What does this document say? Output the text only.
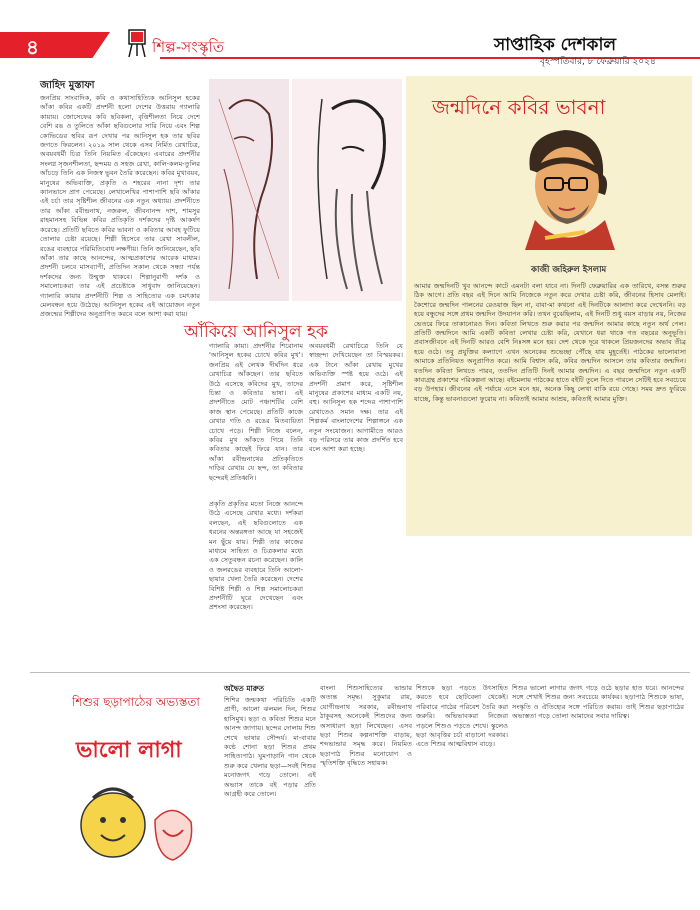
৪	শিল্প-সংস্কৃতি	সাপ্তাহিক দেশকাল
বৃহস্পতিবার, ৮ ফেব্রুয়ারি ২০২৪
জাহিদ মুস্তাফা
জনপ্রিয় সাংবাদিক, কবি ও কথাসাহিত্যিক আনিসুল হকের আঁকা কবির একটি প্রদর্শনী হলো দেশের উত্তরায় গ্যালারি কায়ায়। জোসেফের কবি ছবিকলা, বৃত্তিশীলতা নিয়ে দেশে বেশি রঙ ও তুলিতে আঁকা ছবিগুলোর সারি নিয়ে এবং শিল্প কোভিডের স্থবির রূপ দেখার পর আনিসুল হক তার ছবির জগতে ফিরলেন। ২০১৯ সাল থেকে এসব নির্মিত রেখাচিত্র, অবয়বধর্মী চিত্র তিনি নিয়মিত এঁকেছেন। এবারের প্রদর্শনীর সংলগ্ন সৃজনশীলতা, ছন্দময় ও সহজ রেখা, কালি-কলম-তুলির আঁচড়ে তিনি এক নিজস্ব ভুবন তৈরি করেছেন। কবির মুখাবয়ব, মানুষের অভিব্যক্তি, প্রকৃতি ও শহরের নানা দৃশ্য তার ক্যানভাসে প্রাণ পেয়েছে। লেখালেখির পাশাপাশি ছবি আঁকার এই চর্চা তার সৃষ্টিশীল জীবনের এক নতুন অধ্যায়। প্রদর্শনীতে তার আঁকা রবীন্দ্রনাথ, নজরুল, জীবনানন্দ দাশ, শামসুর রাহমানসহ বিভিন্ন কবির প্রতিকৃতি দর্শকদের দৃষ্টি আকর্ষণ করেছে। প্রতিটি ছবিতে কবির ভাবনা ও কবিতার আবহ ফুটিয়ে তোলার চেষ্টা রয়েছে। শিল্পী হিসেবে তার রেখা সাবলীল, রঙের ব্যবহারে পরিমিতিবোধ লক্ষণীয়। তিনি জানিয়েছেন, ছবি আঁকা তার কাছে আনন্দের, আত্মপ্রকাশের আরেক মাধ্যম। প্রদর্শনী চলবে মাসব্যাপী, প্রতিদিন সকাল থেকে সন্ধ্যা পর্যন্ত দর্শকদের জন্য উন্মুক্ত থাকবে। শিল্পানুরাগী দর্শক ও সমালোচকরা তার এই প্রচেষ্টাকে সাধুবাদ জানিয়েছেন। গ্যালারি কায়ার প্রদর্শনীটি শিল্প ও সাহিত্যের এক চমৎকার মেলবন্ধন হয়ে উঠেছে। আনিসুল হকের এই আয়োজন নতুন প্রজন্মের শিল্পীদের অনুপ্রাণিত করবে বলে আশা করা যায়।
আঁকিয়ে আনিসুল হক
গ্যালারি কায়া। প্রদর্শনীর শিরোনাম 'আনিসুল হকের চোখে কবির মুখ'। জনপ্রিয় এই লেখক দীর্ঘদিন ধরে রেখাচিত্র আঁকছেন। তার ছবিতে উঠে এসেছে কবিদের মুখ, তাদের চিন্তা ও কবিতার ভাষা। এই প্রদর্শনীতে মোট পঞ্চাশটির বেশি কাজ স্থান পেয়েছে। প্রতিটি কাজে রেখার গতি ও রঙের মিতব্যয়িতা চোখে পড়ে। শিল্পী নিজে বলেন, কবির মুখ আঁকতে গিয়ে তিনি কবিতার কাছেই ফিরে যান। তার আঁকা রবীন্দ্রনাথের প্রতিকৃতিতে দাড়ির রেখায় যে ছন্দ, তা কবিতার ছন্দেরই প্রতিধ্বনি।
প্রকৃতি প্রকৃতির মতো নিজে আনন্দে উঠে এসেছে রেখার মধ্যে। দর্শকরা বলছেন, এই ছবিগুলোতে এক ধরনের অন্তরঙ্গতা আছে যা সহজেই মন ছুঁয়ে যায়। শিল্পী তার কাজের মাধ্যমে সাহিত্য ও চিত্রকলার মধ্যে এক সেতুবন্ধন রচনা করেছেন। কালি ও জলরঙের ব্যবহারে তিনি আলো-ছায়ার খেলা তৈরি করেছেন। দেশের বিশিষ্ট শিল্পী ও শিল্প সমালোচকরা প্রদর্শনীটি ঘুরে দেখেছেন এবং প্রশংসা করেছেন।
অবয়বধর্মী রেখাচিত্রে তিনি যে স্বাচ্ছন্দ্য দেখিয়েছেন তা বিস্ময়কর। এক টানে আঁকা রেখায় মুখের অভিব্যক্তি স্পষ্ট হয়ে ওঠে। এই প্রদর্শনী প্রমাণ করে, সৃষ্টিশীল মানুষের প্রকাশের মাধ্যম একটি নয়, বহু। আনিসুল হক শব্দের পাশাপাশি রেখাতেও সমান দক্ষ। তার এই শিল্পকর্ম বাংলাদেশের শিল্পাঙ্গনে এক নতুন সংযোজন। আগামীতে আরও বড় পরিসরে তার কাজ প্রদর্শিত হবে বলে আশা করা হচ্ছে।
জন্মদিনে কবির ভাবনা
কাজী জহিরুল ইসলাম
আমার জন্মদিনটি খুব আনন্দে কাটে এমনটা বলা যাবে না। দিনটি ফেব্রুয়ারির এক তারিখে, বসন্ত শুরুর ঠিক আগে। প্রতি বছর এই দিনে আমি নিজেকে নতুন করে দেখার চেষ্টা করি, জীবনের হিসাব মেলাই। কৈশোরে জন্মদিন পালনের রেওয়াজ ছিল না, বাবা-মা কখনো এই দিনটিকে আলাদা করে দেখেননি। বড় হয়ে বন্ধুদের সঙ্গে প্রথম জন্মদিন উদযাপন করি। তখন বুঝেছিলাম, এই দিনটি শুধু বয়স বাড়ার নয়, নিজের ভেতরে ফিরে তাকানোরও দিন। কবিতা লিখতে শুরু করার পর জন্মদিন আমার কাছে নতুন অর্থ পেল। প্রতিটি জন্মদিনে আমি একটি কবিতা লেখার চেষ্টা করি, যেখানে ধরা থাকে গত বছরের অনুভূতি। প্রবাসজীবনে এই দিনটি আরও বেশি নিঃসঙ্গ মনে হয়। দেশ থেকে দূরে থাকলে প্রিয়জনদের অভাব তীব্র হয়ে ওঠে। তবু প্রযুক্তির কল্যাণে এখন অনেকের শুভেচ্ছা পৌঁছে যায় মুহূর্তেই। পাঠকের ভালোবাসা আমাকে প্রতিনিয়ত অনুপ্রাণিত করে। আমি বিশ্বাস করি, কবির জন্মদিন আসলে তার কবিতার জন্মদিন। যতদিন কবিতা লিখতে পারব, ততদিন প্রতিটি দিনই আমার জন্মদিন। এ বছর জন্মদিনে নতুন একটি কাব্যগ্রন্থ প্রকাশের পরিকল্পনা আছে। বইমেলায় পাঠকের হাতে বইটি তুলে দিতে পারলে সেটিই হবে সবচেয়ে বড় উপহার। জীবনের এই পর্যায়ে এসে মনে হয়, অনেক কিছু লেখা বাকি রয়ে গেছে। সময় দ্রুত ফুরিয়ে যাচ্ছে, কিন্তু ভাবনাগুলো ফুরোয় না। কবিতাই আমার আশ্রয়, কবিতাই আমার মুক্তি।
শিশুর ছড়াপাঠের অভ্যস্ততা
ভালো লাগা
অদ্বৈত মারুত
শিশির জন্মকথা পরিচিতি একটি প্রাণী, আলো ঝলমল দিন, শিশুর হাসিমুখ। ছড়া ও কবিতা শিশুর মনে আনন্দ জাগায়। ছন্দের দোলায় শিশু শেখে ভাষার সৌন্দর্য। মা-বাবার কণ্ঠে শোনা ছড়া শিশুর প্রথম সাহিত্যপাঠ। ঘুমপাড়ানি গান থেকে শুরু করে খেলার ছড়া—সবই শিশুর মনোজগৎ গড়ে তোলে। এই অভ্যাস তাকে বই পড়ার প্রতি আগ্রহী করে তোলে।
বাংলা শিশুসাহিত্যের ভান্ডার অত্যন্ত সমৃদ্ধ। সুকুমার রায়, যোগীন্দ্রনাথ সরকার, রবীন্দ্রনাথ ঠাকুরসহ অনেকেই শিশুদের জন্য অসাধারণ ছড়া লিখেছেন। এসব ছড়া শিশুর কল্পনাশক্তি বাড়ায়, শব্দভান্ডার সমৃদ্ধ করে। নিয়মিত ছড়াপাঠ শিশুর মনোযোগ ও স্মৃতিশক্তি বৃদ্ধিতে সহায়ক।
শিশুকে ছড়া পড়তে উৎসাহিত করতে হবে ছোটবেলা থেকেই। পরিবারে পাঠের পরিবেশ তৈরি করা জরুরি। অভিভাবকরা নিজেরা পড়লে শিশুও পড়তে শেখে। স্কুলেও ছড়া আবৃত্তির চর্চা বাড়ানো দরকার। এতে শিশুর আত্মবিশ্বাস বাড়ে।
শিশুর ভালো লাগার জগৎ গড়ে ওঠে ছড়ার হাত ধরে। আনন্দের সঙ্গে শেখাই শিশুর জন্য সবচেয়ে কার্যকর। ছড়াপাঠ শিশুকে ভাষা, সংস্কৃতি ও ঐতিহ্যের সঙ্গে পরিচিত করায়। তাই শিশুর ছড়াপাঠের অভ্যস্ততা গড়ে তোলা আমাদের সবার দায়িত্ব।
